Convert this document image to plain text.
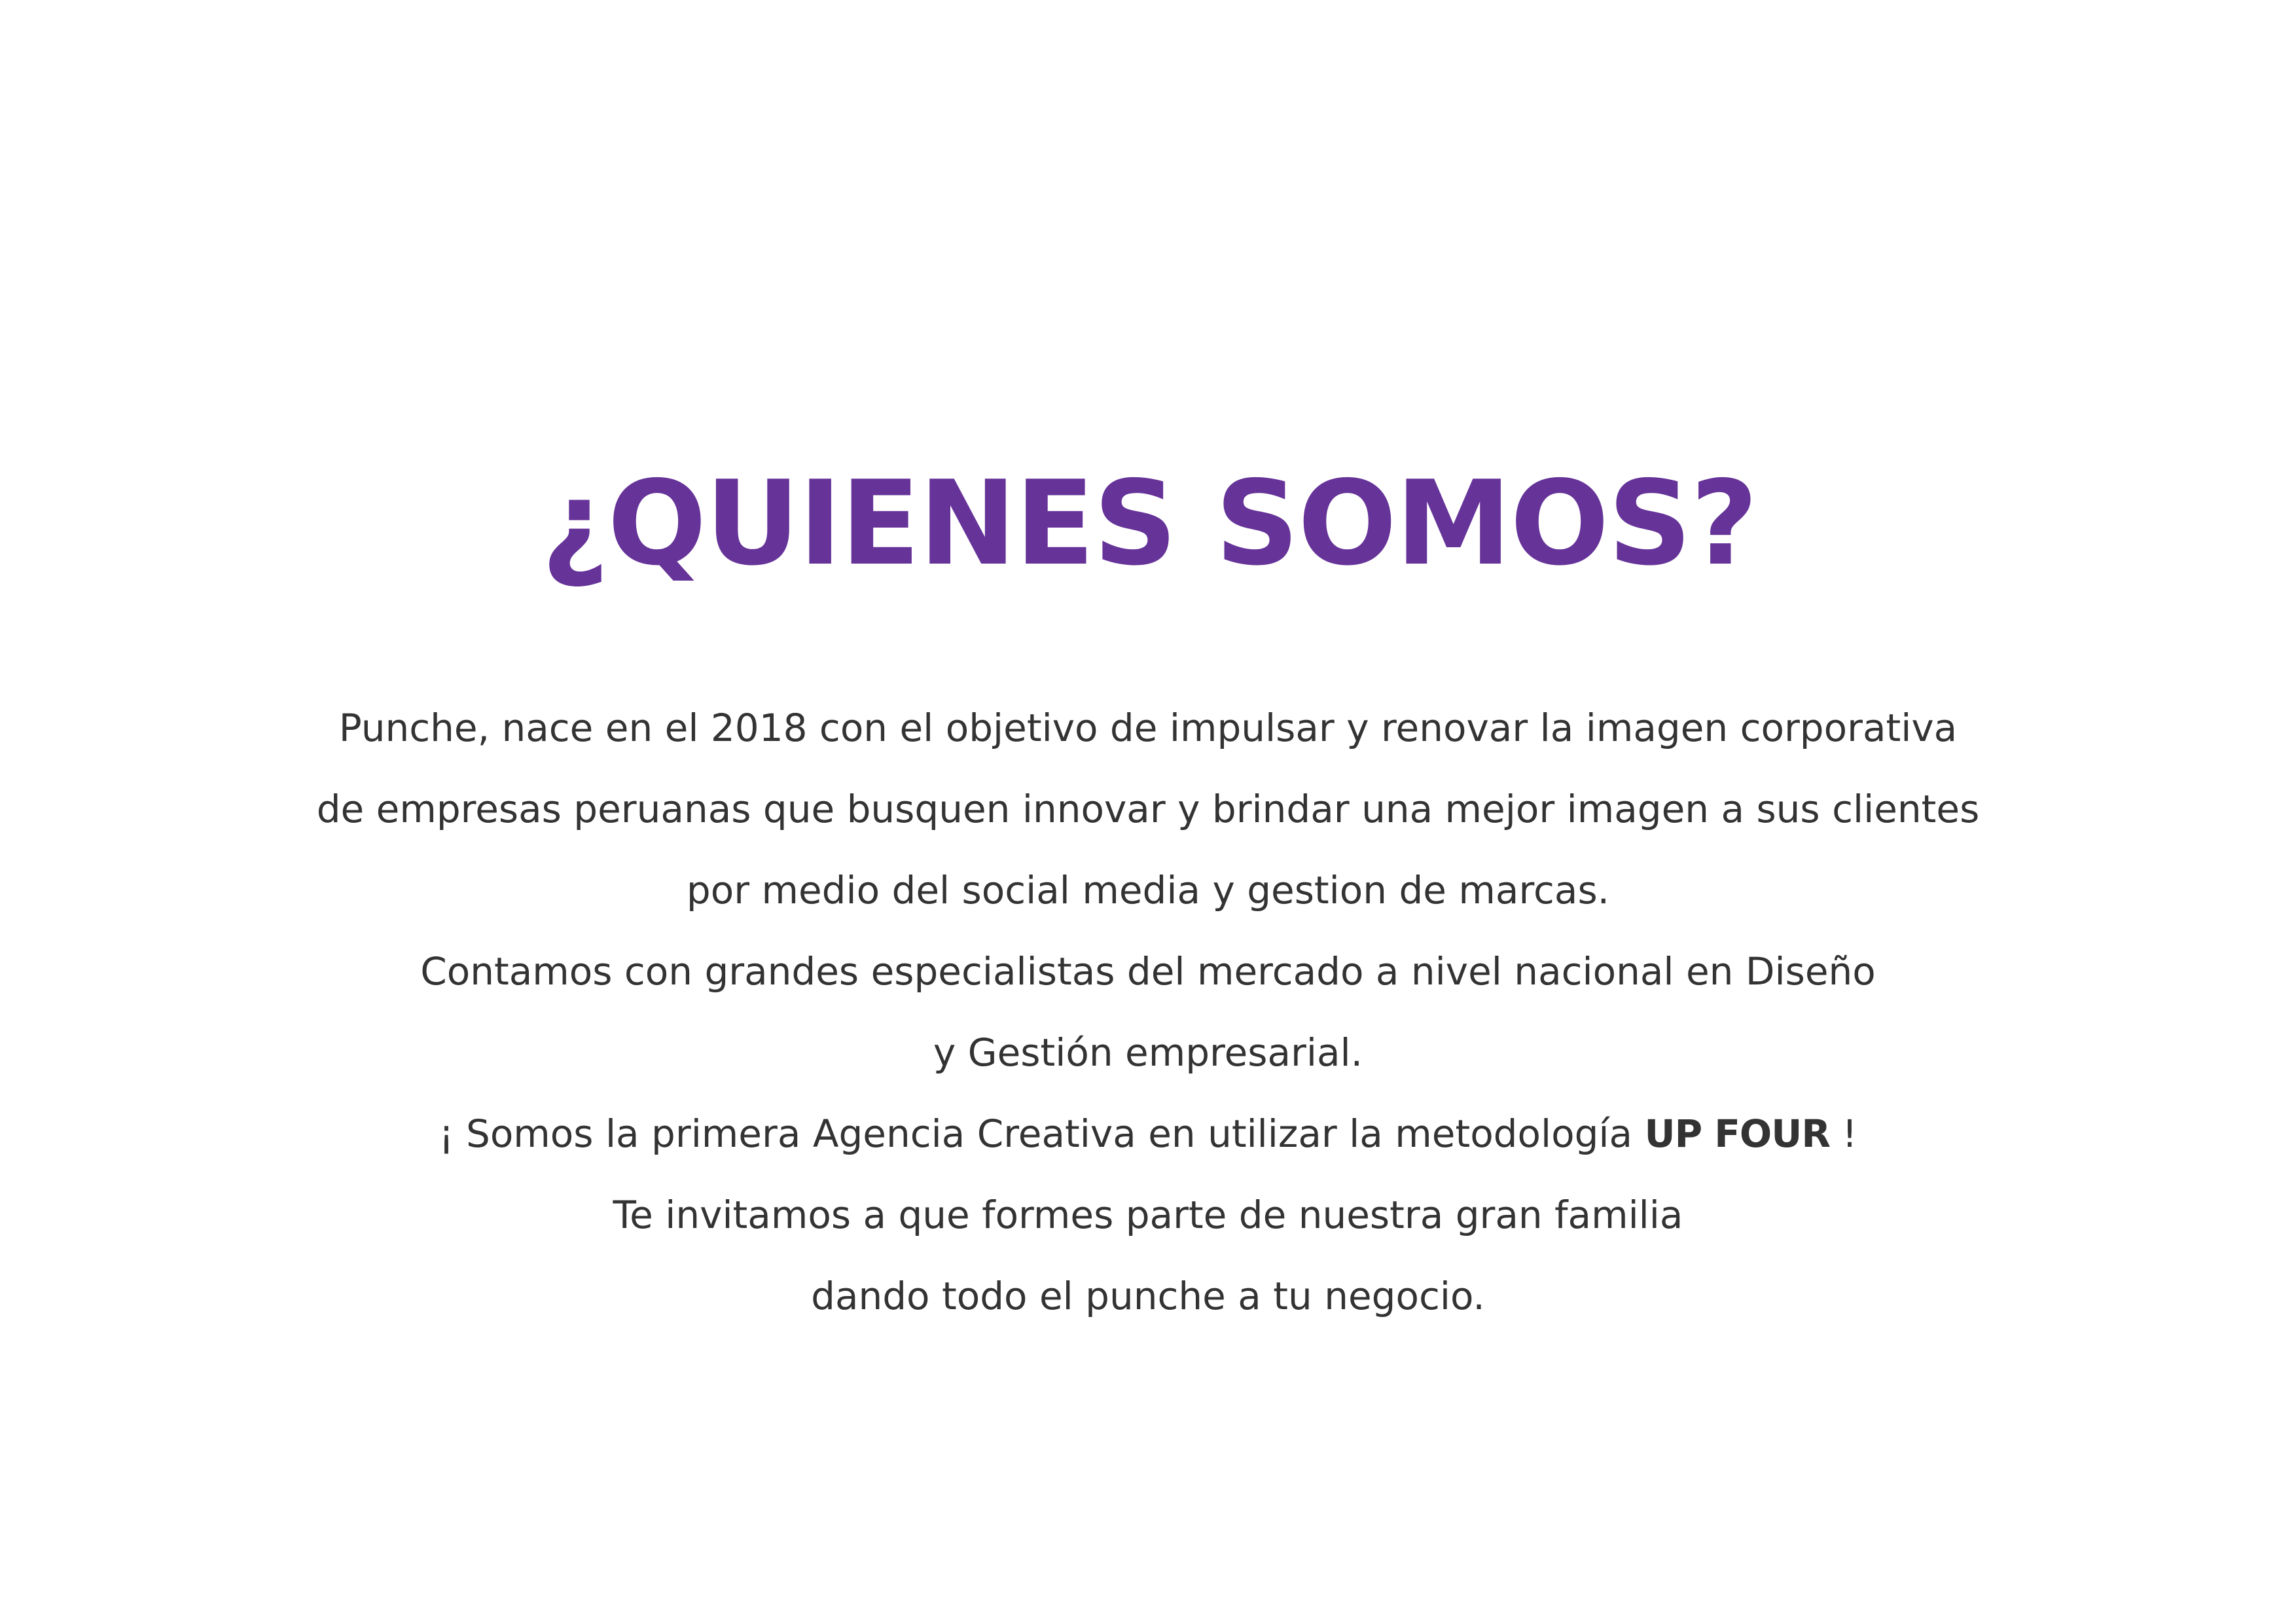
¿QUIENES SOMOS?
Punche, nace en el 2018 con el objetivo de impulsar y renovar la imagen corporativa
de empresas peruanas que busquen innovar y brindar una mejor imagen a sus clientes
por medio del social media y gestion de marcas.
Contamos con grandes especialistas del mercado a nivel nacional en Diseño
y Gestión empresarial.
¡ Somos la primera Agencia Creativa en utilizar la metodología UP FOUR !
Te invitamos a que formes parte de nuestra gran familia
dando todo el punche a tu negocio.
